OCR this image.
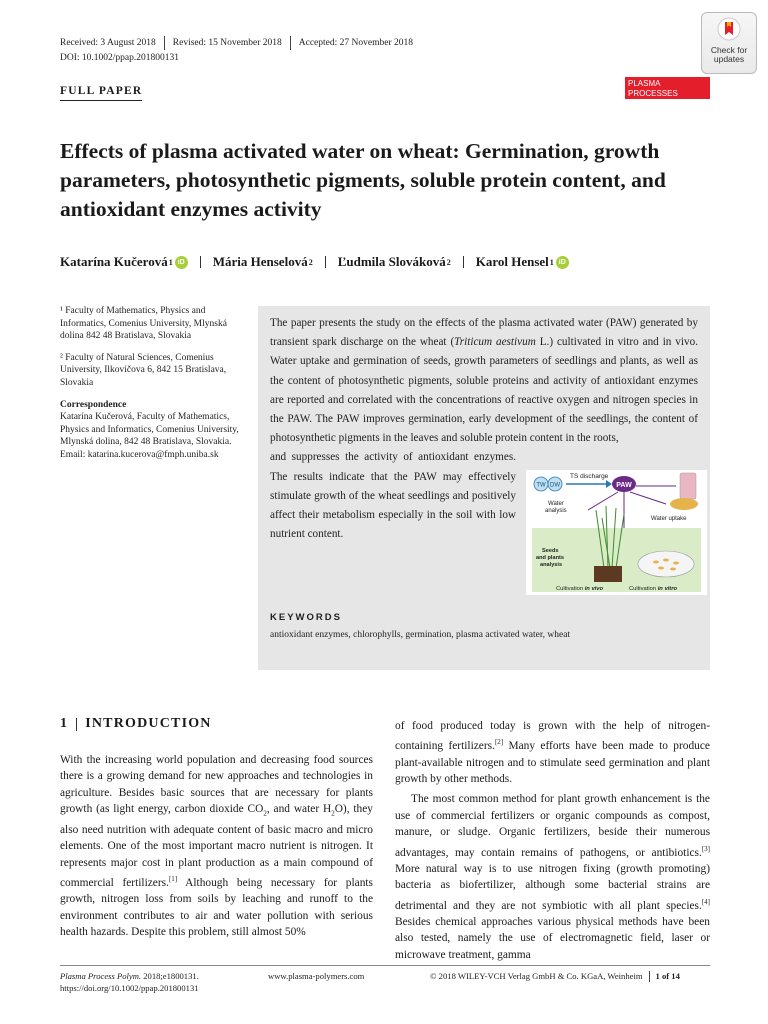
Received: 3 August 2018 Revised: 15 November 2018 Accepted: 27 November 2018
DOI: 10.1002/ppap.201800131
Check for
updates
FULL PAPER
PLASMA PROCESSES
AND POLYMERS
Effects of plasma activated water on wheat: Germination, growth parameters, photosynthetic pigments, soluble protein content, and antioxidant enzymes activity
Katarína Kučerová 1 iD Mária Henselová 2 Ľudmila Slováková 2 Karol Hensel 1 iD

¹ Faculty of Mathematics, Physics and Informatics, Comenius University, Mlynská dolina 842 48 Bratislava, Slovakia

² Faculty of Natural Sciences, Comenius University, Ilkovičova 6, 842 15 Bratislava, Slovakia

Correspondence
Katarína Kučerová, Faculty of Mathematics, Physics and Informatics, Comenius University, Mlynská dolina, 842 48 Bratislava, Slovakia.
Email: katarina.kucerova@fmph.uniba.sk

The paper presents the study on the effects of the plasma activated water (PAW) generated by transient spark discharge on the wheat (Triticum aestivum L.) cultivated in vitro and in vivo. Water uptake and germination of seeds, growth parameters of seedlings and plants, as well as the content of photosynthetic pigments, soluble proteins and activity of antioxidant enzymes are reported and correlated with the concentrations of reactive oxygen and nitrogen species in the PAW. The PAW improves germination, early development of the seedlings, the content of photosynthetic pigments in the leaves and soluble protein content in the roots,

and suppresses the activity of antioxidant enzymes. The results indicate that the PAW may effectively stimulate growth of the wheat seedlings and positively affect their metabolism especially in the soil with low nutrient content.

TW DW
TS discharge
PAW
Water
analysis
Water uptake
Seeds
and plants
analysis
Cultivation in vivo	Cultivation in vitro
KEYWORDS
antioxidant enzymes, chlorophylls, germination, plasma activated water, wheat
1 INTRODUCTION

With the increasing world population and decreasing food sources there is a growing demand for new approaches and technologies in agriculture. Besides basic sources that are necessary for plants growth (as light energy, carbon dioxide $CO_2$, and water $H_2O$), they also need nutrition with adequate content of basic macro and micro elements. One of the most important macro nutrient is nitrogen. It represents major cost in plant production as a main compound of commercial fertilizers.[1] Although being necessary for plants growth, nitrogen loss from soils by leaching and runoff to the environment contributes to air and water pollution with serious health hazards. Despite this problem, still almost 50%

of food produced today is grown with the help of nitrogen-containing fertilizers.[2] Many efforts have been made to produce plant-available nitrogen and to stimulate seed germination and plant growth by other methods.

The most common method for plant growth enhancement is the use of commercial fertilizers or organic compounds as compost, manure, or sludge. Organic fertilizers, beside their numerous advantages, may contain remains of pathogens, or antibiotics.[3] More natural way is to use nitrogen fixing (growth promoting) bacteria as biofertilizer, although some bacterial strains are detrimental and they are not symbiotic with all plant species.[4] Besides chemical approaches various physical methods have been also tested, namely the use of electromagnetic field, laser or microwave treatment, gamma

Plasma Process Polym. 2018;e1800131.
https://doi.org/10.1002/ppap.201800131
www.plasma-polymers.com	© 2018 WILEY-VCH Verlag GmbH & Co. KGaA, Weinheim 1 of 14
